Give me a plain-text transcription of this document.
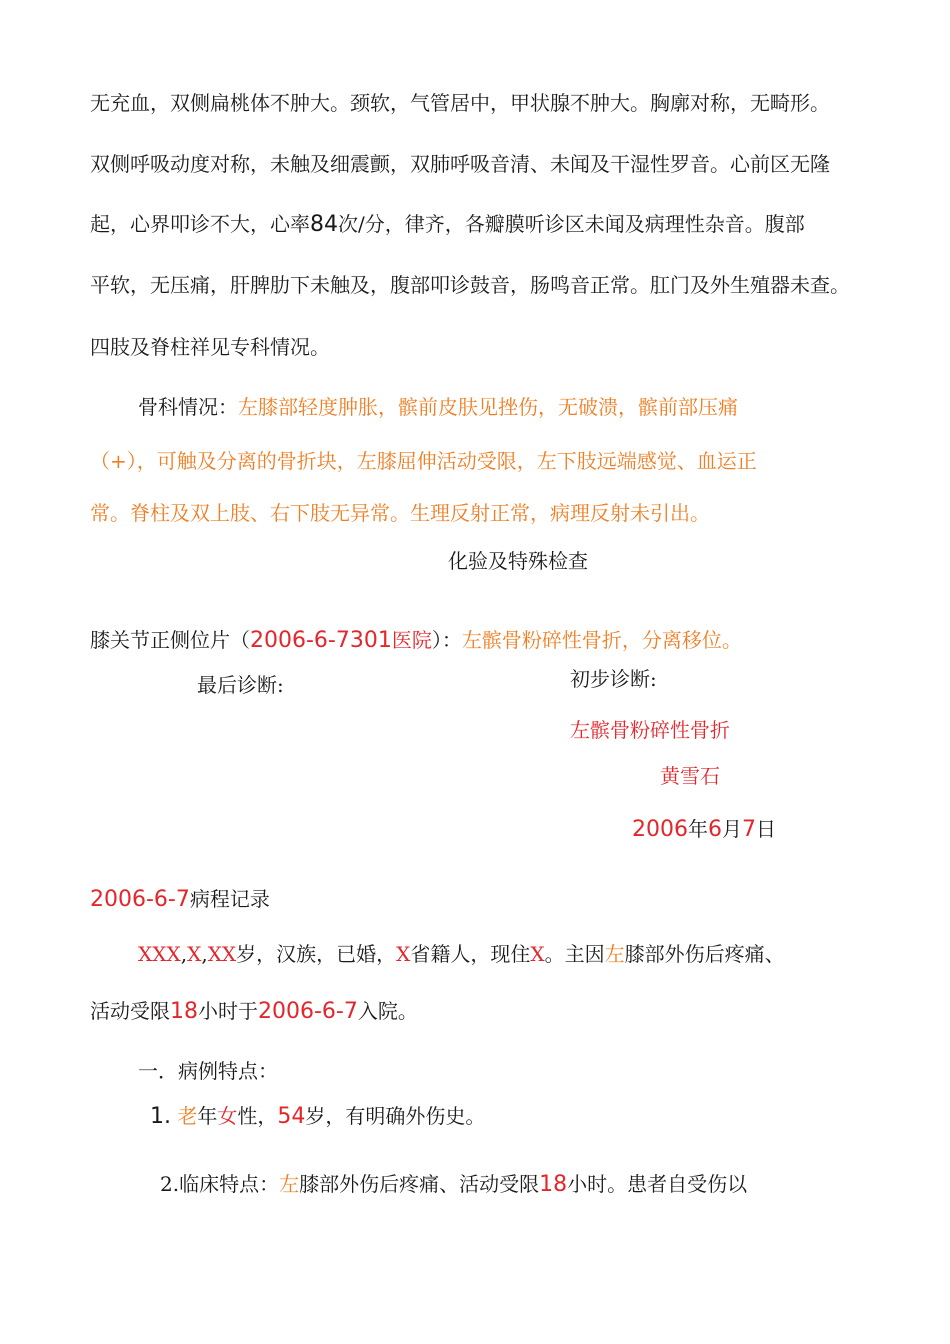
无充血，双侧扁桃体不肿大。颈软，气管居中，甲状腺不肿大。胸廓对称，无畸形。
双侧呼吸动度对称，未触及细震颤，双肺呼吸音清、未闻及干湿性罗音。心前区无隆
起，心界叩诊不大，心率84次/分，律齐，各瓣膜听诊区未闻及病理性杂音。腹部
平软，无压痛，肝脾肋下未触及，腹部叩诊鼓音，肠鸣音正常。肛门及外生殖器未查。
四肢及脊柱祥见专科情况。
骨科情况：左膝部轻度肿胀，髌前皮肤见挫伤，无破溃，髌前部压痛
（+），可触及分离的骨折块，左膝屈伸活动受限，左下肢远端感觉、血运正
常。脊柱及双上肢、右下肢无异常。生理反射正常，病理反射未引出。
化验及特殊检查
膝关节正侧位片（2006-6-7301医院）：左髌骨粉碎性骨折，分离移位。
最后诊断:	初步诊断:
左髌骨粉碎性骨折
黄雪石
2006年6月7日
2006-6-7病程记录
XXX,X,XX岁，汉族，已婚，X省籍人，现住X。主因左膝部外伤后疼痛、
活动受限18小时于2006-6-7入院。
一．病例特点：
1. 老年女性，54岁，有明确外伤史。
2.临床特点：左膝部外伤后疼痛、活动受限18小时。患者自受伤以
